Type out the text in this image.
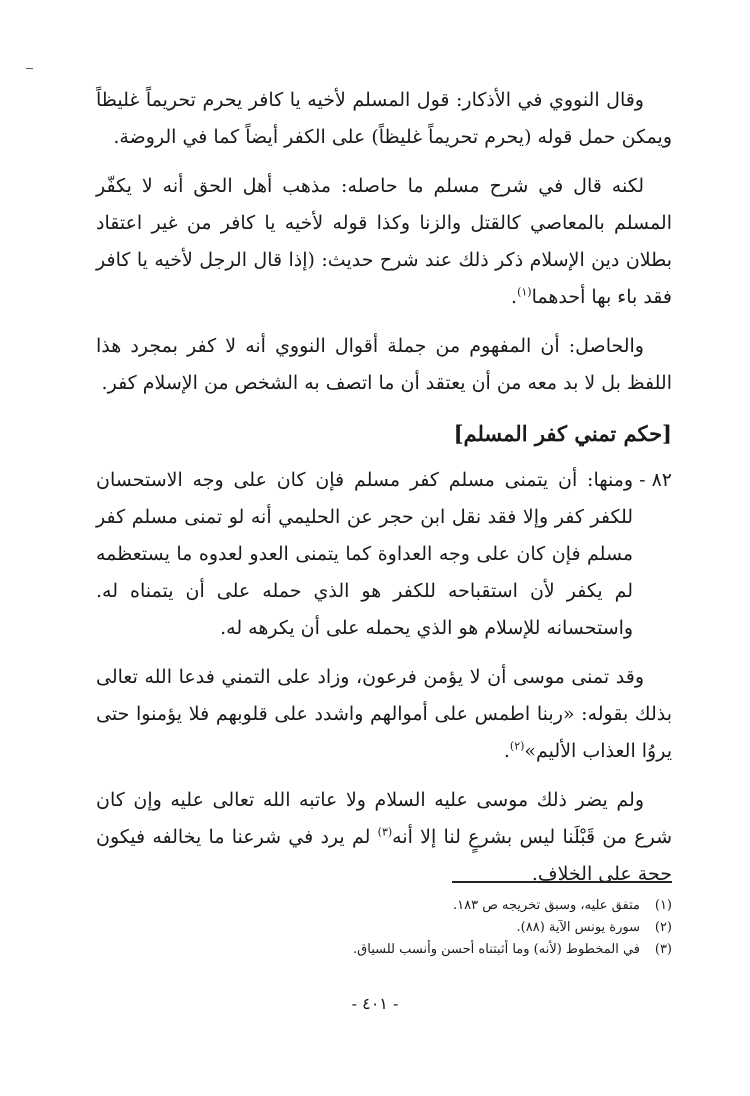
وقال النووي في الأذكار: قول المسلم لأخيه يا كافر يحرم تحريماً غليظاً ويمكن حمل قوله (يحرم تحريماً غليظاً) على الكفر أيضاً كما في الروضة.

لكنه قال في شرح مسلم ما حاصله: مذهب أهل الحق أنه لا يكفّر المسلم بالمعاصي كالقتل والزنا وكذا قوله لأخيه يا كافر من غير اعتقاد بطلان دين الإسلام ذكر ذلك عند شرح حديث: (إذا قال الرجل لأخيه يا كافر فقد باء بها أحدهما$^{(١)}$.

والحاصل: أن المفهوم من جملة أقوال النووي أنه لا كفر بمجرد هذا اللفظ بل لا بد معه من أن يعتقد أن ما اتصف به الشخص من الإسلام كفر.

[حكم تمني كفر المسلم]
٨٢ -
ومنها: أن يتمنى مسلم كفر مسلم فإن كان على وجه الاستحسان للكفر كفر وإلا فقد نقل ابن حجر عن الحليمي أنه لو تمنى مسلم كفر مسلم فإن كان على وجه العداوة كما يتمنى العدو لعدوه ما يستعظمه لم يكفر لأن استقباحه للكفر هو الذي حمله على أن يتمناه له. واستحسانه للإسلام هو الذي يحمله على أن يكرهه له.

وقد تمنى موسى أن لا يؤمن فرعون، وزاد على التمني فدعا الله تعالى بذلك بقوله: «ربنا اطمس على أموالهم واشدد على قلوبهم فلا يؤمنوا حتى يروُا العذاب الأليم»$^{(٢)}$.

ولم يضر ذلك موسى عليه السلام ولا عاتبه الله تعالى عليه وإن كان شرع من قَبْلَنا ليس بشرعٍ لنا إلا أنه$^{(٣)}$ لم يرد في شرعنا ما يخالفه فيكون حجة على الخلاف.

(١)
متفق عليه، وسبق تخريجه ص ١٨٣.
(٢)
سورة يونس الآية (٨٨).
(٣)
في المخطوط (لأنه) وما أثبتناه أحسن وأنسب للسياق.
- ٤٠١ -
